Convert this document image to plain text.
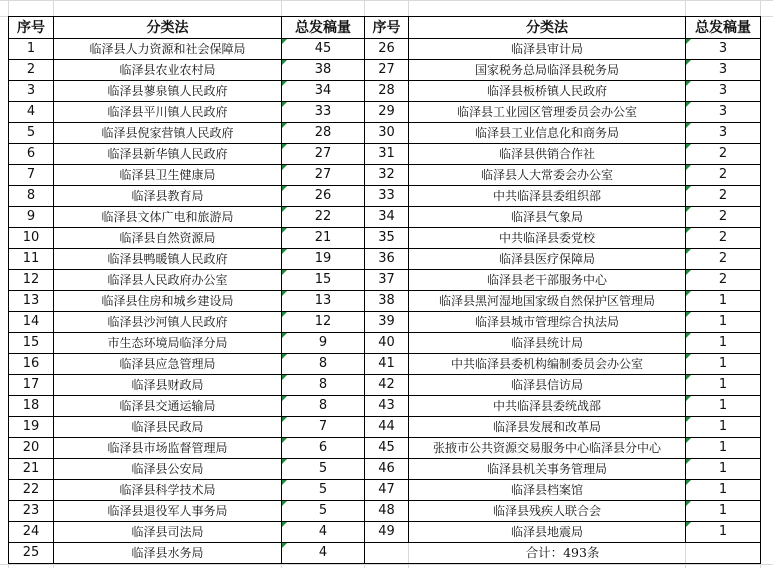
序号	分类法	总发稿量	序号	分类法	总发稿量
1	临泽县人力资源和社会保障局	45	26	临泽县审计局	3
2	临泽县农业农村局	38	27	国家税务总局临泽县税务局	3
3	临泽县蓼泉镇人民政府	34	28	临泽县板桥镇人民政府	3
4	临泽县平川镇人民政府	33	29	临泽县工业园区管理委员会办公室	3
5	临泽县倪家营镇人民政府	28	30	临泽县工业信息化和商务局	3
6	临泽县新华镇人民政府	27	31	临泽县供销合作社	2
7	临泽县卫生健康局	27	32	临泽县人大常委会办公室	2
8	临泽县教育局	26	33	中共临泽县委组织部	2
9	临泽县文体广电和旅游局	22	34	临泽县气象局	2
10	临泽县自然资源局	21	35	中共临泽县委党校	2
11	临泽县鸭暖镇人民政府	19	36	临泽县医疗保障局	2
12	临泽县人民政府办公室	15	37	临泽县老干部服务中心	2
13	临泽县住房和城乡建设局	13	38	临泽县黑河湿地国家级自然保护区管理局	1
14	临泽县沙河镇人民政府	12	39	临泽县城市管理综合执法局	1
15	市生态环境局临泽分局	9	40	临泽县统计局	1
16	临泽县应急管理局	8	41	中共临泽县委机构编制委员会办公室	1
17	临泽县财政局	8	42	临泽县信访局	1
18	临泽县交通运输局	8	43	中共临泽县委统战部	1
19	临泽县民政局	7	44	临泽县发展和改革局	1
20	临泽县市场监督管理局	6	45	张掖市公共资源交易服务中心临泽县分中心	1
21	临泽县公安局	5	46	临泽县机关事务管理局	1
22	临泽县科学技术局	5	47	临泽县档案馆	1
23	临泽县退役军人事务局	5	48	临泽县残疾人联合会	1
24	临泽县司法局	4	49	临泽县地震局	1
25	临泽县水务局	4	合计：493条		
